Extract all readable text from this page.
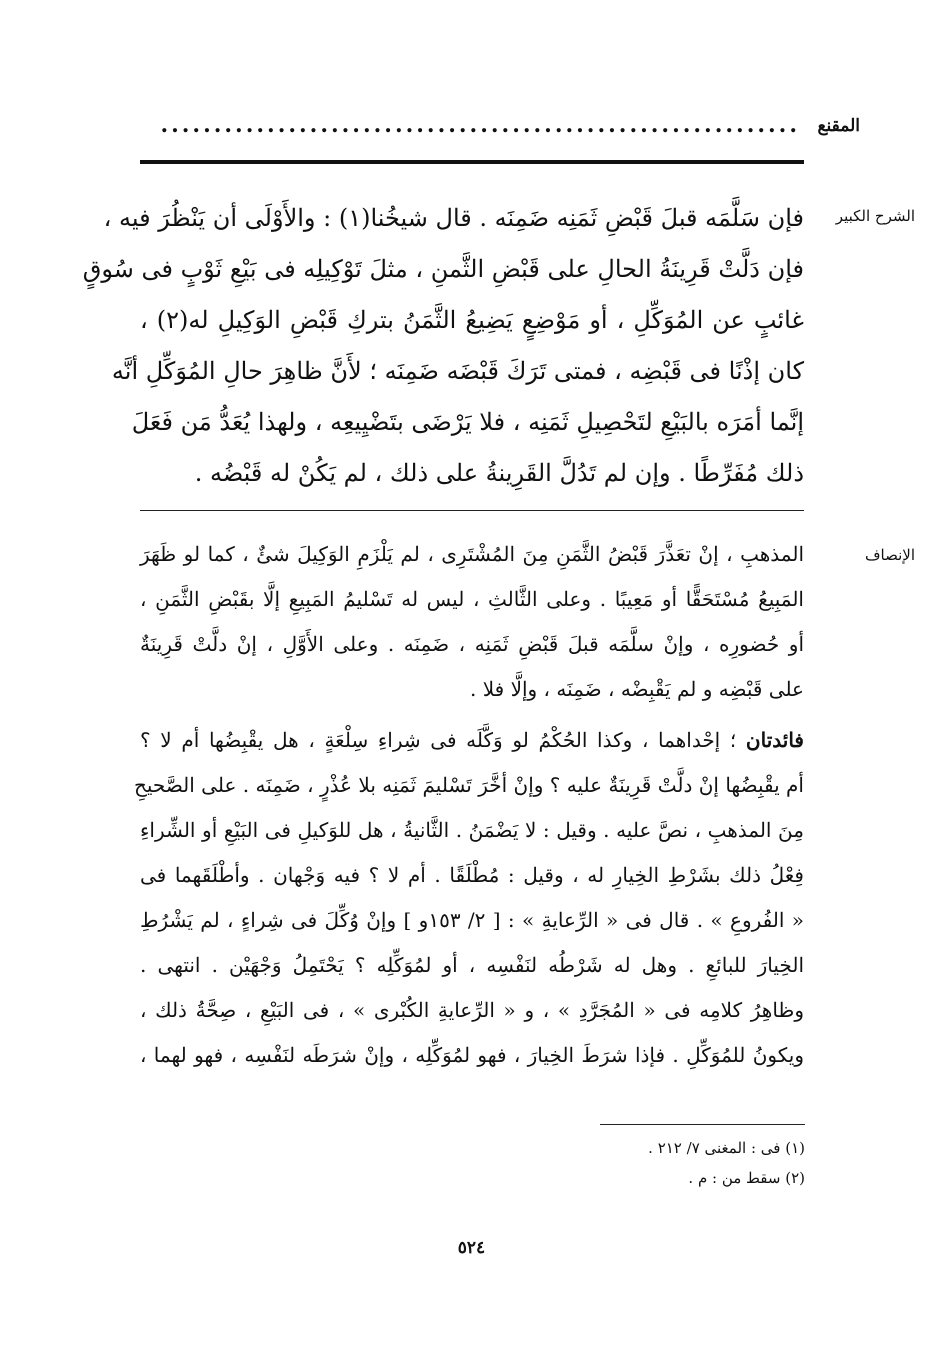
المقنع
............................................................
الشرح الكبير
فإن سَلَّمَه قبلَ قَبْضِ ثَمَنِه ضَمِنَه . قال شيخُنا(١) : والأَوْلَى أن يَنْظُرَ فيه ،
فإن دَلَّتْ قَرِينَةُ الحالِ على قَبْضِ الثَّمنِ ، مثلَ تَوْكِيلِه فى بَيْعِ ثَوْبٍ فى سُوقٍ
غائبٍ عن المُوَكِّلِ ، أو مَوْضِعٍ يَضِيعُ الثَّمَنُ بتركِ قَبْضِ الوَكِيلِ له(٢) ،
كان إذْنًا فى قَبْضِه ، فمتى تَرَكَ قَبْضَه ضَمِنَه ؛ لأَنَّ ظاهِرَ حالِ المُوَكِّلِ أنَّه
إنَّما أمَرَه بالبَيْعِ لتَحْصِيلِ ثَمَنِه ، فلا يَرْضَى بتَضْيِيعِه ، ولهذا يُعَدُّ مَن فَعَلَ
ذلك مُفَرِّطًا . وإن لم تَدُلَّ القَرِينةُ على ذلك ، لم يَكُنْ له قَبْضُه .
الإنصاف
المذهبِ ، إنْ تعَذَّرَ قَبْضُ الثَّمَنِ مِنَ المُشْتَرِى ، لم يَلْزَمِ الوَكِيلَ شئٌ ، كما لو ظَهَرَ
المَبِيعُ مُسْتَحَقًّا أو مَعِيبًا . وعلى الثَّالثِ ، ليس له تَسْليمُ المَبِيعِ إلَّا بقَبْضِ الثَّمَنِ ،
أو حُضورِه ، وإنْ سلَّمَه قبلَ قَبْضِ ثَمَنِه ، ضَمِنَه . وعلى الأَوَّلِ ، إنْ دلَّتْ قَرِينَةٌ
على قَبْضِه و لم يَقْبِضْه ، ضَمِنَه ، وإلَّا فلا .
فائدتان ؛ إحْداهما ، وكذا الحُكْمُ لو وَكَّلَه فى شِراءِ سِلْعَةٍ ، هل يقْبِضُها أم لا ؟
أم يقْبِضُها إنْ دلَّتْ قَرِينَةٌ عليه ؟ وإنْ أخَّرَ تَسْليمَ ثَمَنِه بلا عُذْرٍ ، ضَمِنَه . على الصَّحيحِ
مِنَ المذهبِ ، نصَّ عليه . وقيل : لا يَضْمَنُ . الثَّانيةُ ، هل للوَكيلِ فى البَيْعِ أو الشِّراءِ
فِعْلُ ذلك بشَرْطِ الخِيارِ له ، وقيل : مُطْلَقًا . أم لا ؟ فيه وَجْهان . وأطْلَقَهما فى
« الفُروعِ » . قال فى « الرِّعايةِ » : [ ٢/ ١٥٣و ] وإنْ وُكِّلَ فى شِراءٍ ، لم يَشْرُطِ
الخِيارَ للبائعِ . وهل له شَرْطُه لنَفْسِه ، أو لمُوَكِّلِه ؟ يَحْتَمِلُ وَجْهَيْن . انتهى .
وظاهِرُ كلامِه فى « المُجَرَّدِ » ، و « الرِّعايةِ الكُبْرى » ، فى البَيْعِ ، صِحَّةُ ذلك ،
ويكونُ للمُوَكِّلِ . فإذا شرَطَ الخِيارَ ، فهو لمُوَكِّلِه ، وإنْ شرَطَه لنَفْسِه ، فهو لهما ،
(١) فى : المغنى ٧/ ٢١٢ .
(٢) سقط من : م .
٥٢٤
